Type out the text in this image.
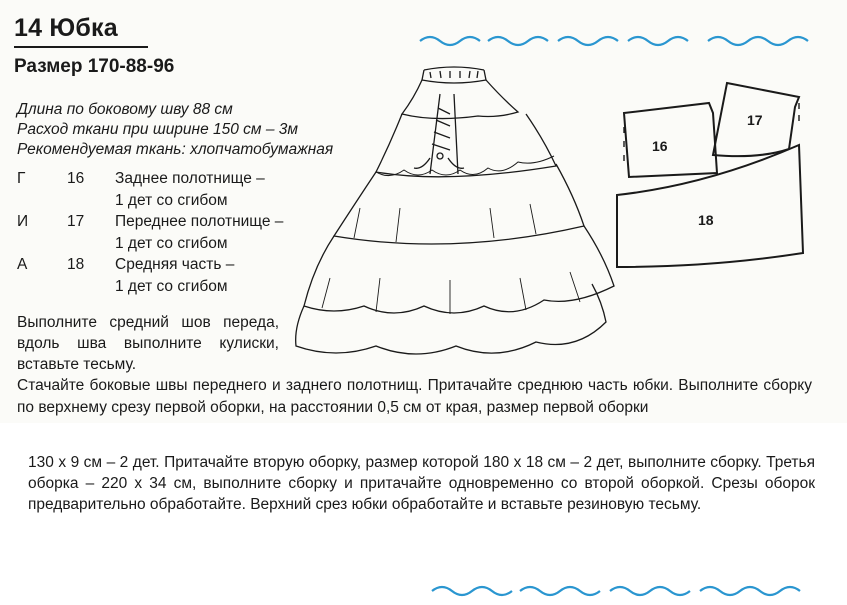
14 Юбка
Размер 170-88-96
Длина по боковому шву 88 см
Расход ткани при ширине 150 см – 3м
Рекомендуемая ткань: хлопчатобумажная
Г	16	Заднее полотнище –
1 дет со сгибом
И	17	Переднее полотнище –
1 дет со сгибом
А	18	Средняя часть –
1 дет со сгибом
16
17
18
Выполните средний шов переда, вдоль шва выполните кулиски, вставьте тесьму.
Стачайте боковые швы переднего и заднего полотнищ. Притачайте среднюю часть юбки. Выполните сборку по верхнему срезу первой оборки, на расстоянии 0,5 см от края, размер первой оборки
130 х 9 см – 2 дет. Притачайте вторую оборку, размер которой 180 х 18 см – 2 дет, выполните сборку. Третья оборка – 220 х 34 см, выполните сборку и притачайте одновременно со второй оборкой. Срезы оборок предварительно обработайте. Верхний срез юбки обработайте и вставьте резиновую тесьму.
